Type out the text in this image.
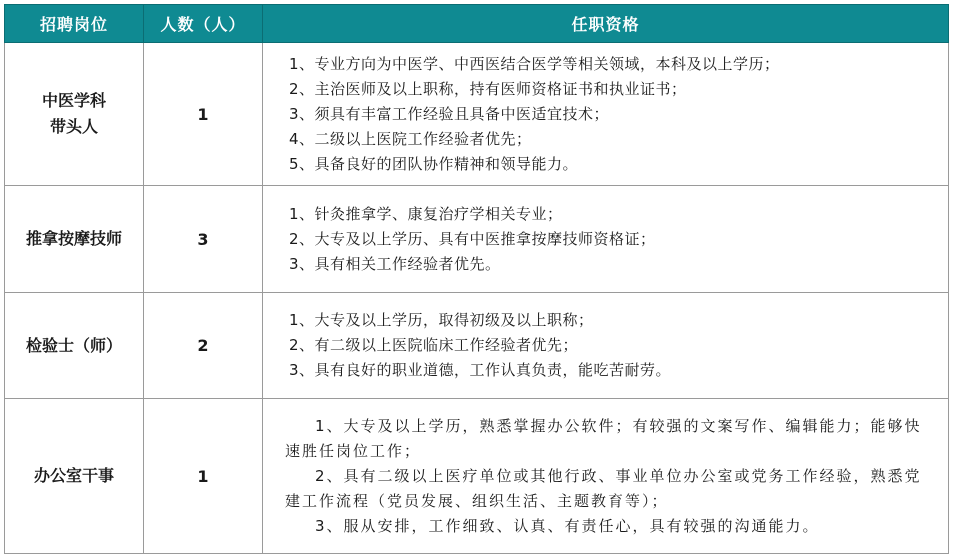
招聘岗位	人数（人）	任职资格

中医学科
带头人	1	1、专业方向为中医学、中西医结合医学等相关领域，本科及以上学历；
2、主治医师及以上职称，持有医师资格证书和执业证书；
3、须具有丰富工作经验且具备中医适宜技术；
4、二级以上医院工作经验者优先；
5、具备良好的团队协作精神和领导能力。

推拿按摩技师	3	1、针灸推拿学、康复治疗学相关专业；
2、大专及以上学历、具有中医推拿按摩技师资格证；
3、具有相关工作经验者优先。

检验士（师）	2	1、大专及以上学历，取得初级及以上职称；
2、有二级以上医院临床工作经验者优先；
3、具有良好的职业道德，工作认真负责，能吃苦耐劳。

办公室干事	1	1、大专及以上学历，熟悉掌握办公软件；有较强的文案写作、编辑能力；能够快速胜任岗位工作；
2、具有二级以上医疗单位或其他行政、事业单位办公室或党务工作经验，熟悉党建工作流程（党员发展、组织生活、主题教育等）；
3、服从安排，工作细致、认真、有责任心，具有较强的沟通能力。
